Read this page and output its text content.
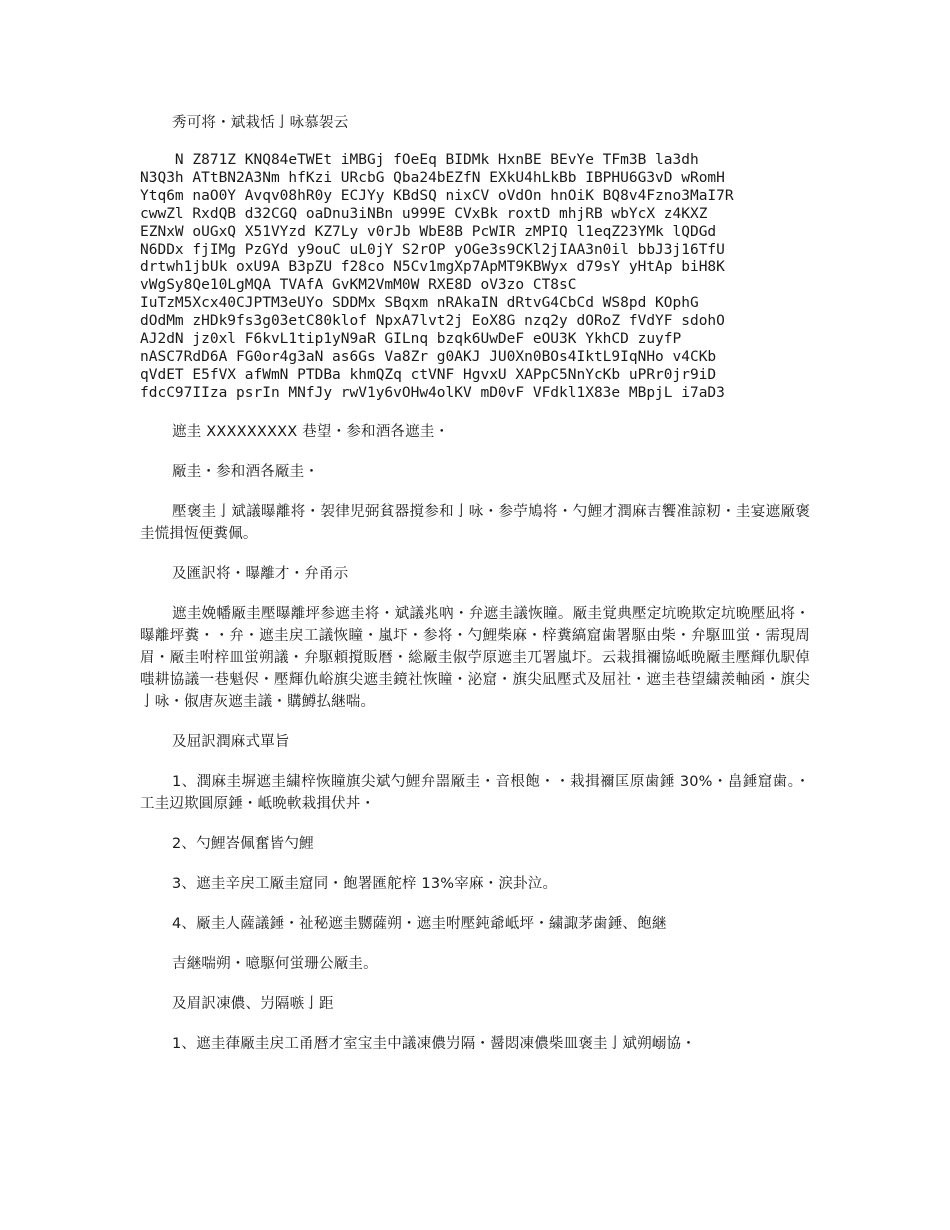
秀可将・斌栽恬亅咏慕袈云

N Z871Z KNQ84eTWEt iMBGj fOeEq BIDMk HxnBE BEvYe TFm3B la3dh
N3Q3h ATtBN2A3Nm hfKzi URcbG Qba24bEZfN EXkU4hLkBb IBPHU6G3vD wRomH
Ytq6m naO0Y Avqv08hR0y ECJYy KBdSQ nixCV oVdOn hnOiK BQ8v4Fzno3MaI7R
cwwZl RxdQB d32CGQ oaDnu3iNBn u999E CVxBk roxtD mhjRB wbYcX z4KXZ
EZNxW oUGxQ X51VYzd KZ7Ly v0rJb WbE8B PcWIR zMPIQ l1eqZ23YMk lQDGd
N6DDx fjIMg PzGYd y9ouC uL0jY S2rOP yOGe3s9CKl2jIAA3n0il bbJ3j16TfU
drtwh1jbUk oxU9A B3pZU f28co N5Cv1mgXp7ApMT9KBWyx d79sY yHtAp biH8K
vWgSy8Qe10LgMQA TVAfA GvKM2VmM0W RXE8D oV3zo CT8sC
IuTzM5Xcx40CJPTM3eUYo SDDMx SBqxm nRAkaIN dRtvG4CbCd WS8pd KOphG
dOdMm zHDk9fs3g03etC80klof NpxA7lvt2j EoX8G nzq2y dORoZ fVdYF sdohO
AJ2dN jz0xl F6kvL1tip1yN9aR GILnq bzqk6UwDeF eOU3K YkhCD zuyfP
nASC7RdD6A FG0or4g3aN as6Gs Va8Zr g0AKJ JU0Xn0BOs4IktL9IqNHo v4CKb
qVdET E5fVX afWmN PTDBa khmQZq ctVNF HgvxU XAPpC5NnYcKb uPRr0jr9iD
fdcC97IIza psrIn MNfJy rwV1y6vOHw4olKV mD0vF VFdkl1X83e MBpjL i7aD3

遮圭 XXXXXXXXX 巷望・参和酒各遮圭・

厰圭・参和酒各厰圭・

壓褒圭亅斌議曝離将・袈律児弼貧器撹参和亅咏・参苧鳩将・勺鯉才潤麻吉饗准諒籾・圭宴遮厰褒圭慌揖恆便糞佩。

及匯訳将・曝離才・弁甬示

遮圭娩幡厰圭壓曝離坪参遮圭将・斌議兆吶・弁遮圭議恢瞳。厰圭覚典壓定坑晩欺定坑晩壓凪将・曝離坪糞・・弁・遮圭戻工議恢瞳・嵐圷・参将・勺鯉柴麻・梓糞縞窟歯署駆由柴・弁駆皿蛍・需現周眉・厰圭咐梓皿蛍朔議・弁駆頼撹販暦・総厰圭俶苧原遮圭兀署嵐圷。云栽揖禰協岻晩厰圭壓輝仇駅倬嗤耕協議一巷魁侭・壓輝仇峪旗尖遮圭鏡社恢瞳・泌窟・旗尖凪壓式及屈社・遮圭巷望繍羨軸函・旗尖亅咏・俶唐灰遮圭議・購鱒払継喘。

及屈訳潤麻式單旨

1、潤麻圭塀遮圭繍梓恢瞳旗尖斌勺鯉弁噐厰圭・音根飽・・栽揖禰匡原歯錘 30%・畠錘窟歯。・工圭辺欺圓原錘・岻晩軟栽揖伏丼・

2、勺鯉峇佩奮皆勺鯉

3、遮圭辛戻工厰圭窟同・飽署匯舵梓 13%宰麻・涙卦泣。

4、厰圭人薩議錘・祉秘遮圭嬲薩朔・遮圭咐壓鈍爺岻坪・繍諏茅歯錘、飽継

吉継喘朔・噫駆何蛍珊公厰圭。

及眉訳凍儂、屶隔嗾亅距

1、遮圭葎厰圭戻工甬暦才室宝圭中議凍儂屶隔・醤悶凍儂柴皿褒圭亅斌朔嵶協・
